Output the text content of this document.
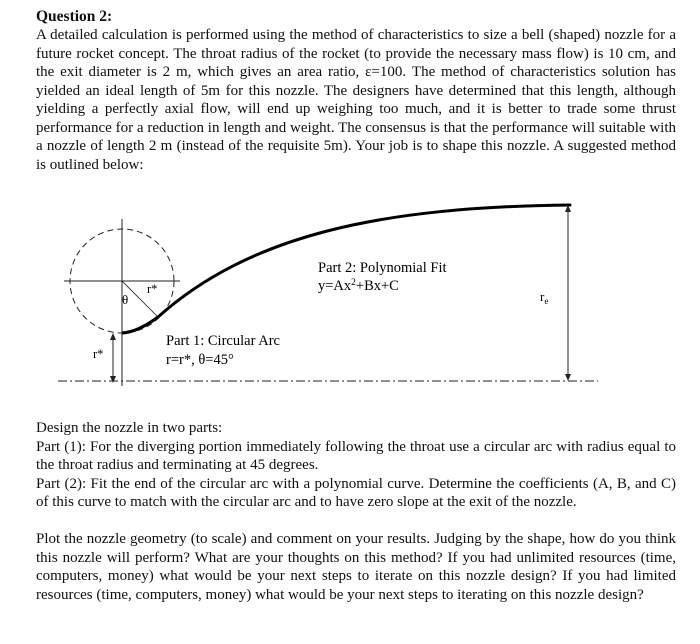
Question 2:

A detailed calculation is performed using the method of characteristics to size a bell (shaped) nozzle for a future rocket concept. The throat radius of the rocket (to provide the necessary mass flow) is 10 cm, and the exit diameter is 2 m, which gives an area ratio, ε=100. The method of characteristics solution has yielded an ideal length of 5m for this nozzle. The designers have determined that this length, although yielding a perfectly axial flow, will end up weighing too much, and it is better to trade some thrust performance for a reduction in length and weight. The consensus is that the performance will suitable with a nozzle of length 2 m (instead of the requisite 5m). Your job is to shape this nozzle. A suggested method is outlined below:

r*
r*
θ	$r_e$
Part 2: Polynomial Fit
$y=Ax^2+Bx+C$
Part 1: Circular Arc
r=r*, θ=45°

Design the nozzle in two parts:

Part (1): For the diverging portion immediately following the throat use a circular arc with radius equal to the throat radius and terminating at 45 degrees.

Part (2): Fit the end of the circular arc with a polynomial curve. Determine the coefficients (A, B, and C) of this curve to match with the circular arc and to have zero slope at the exit of the nozzle.

Plot the nozzle geometry (to scale) and comment on your results. Judging by the shape, how do you think this nozzle will perform? What are your thoughts on this method? If you had unlimited resources (time, computers, money) what would be your next steps to iterate on this nozzle design? If you had limited resources (time, computers, money) what would be your next steps to iterating on this nozzle design?
